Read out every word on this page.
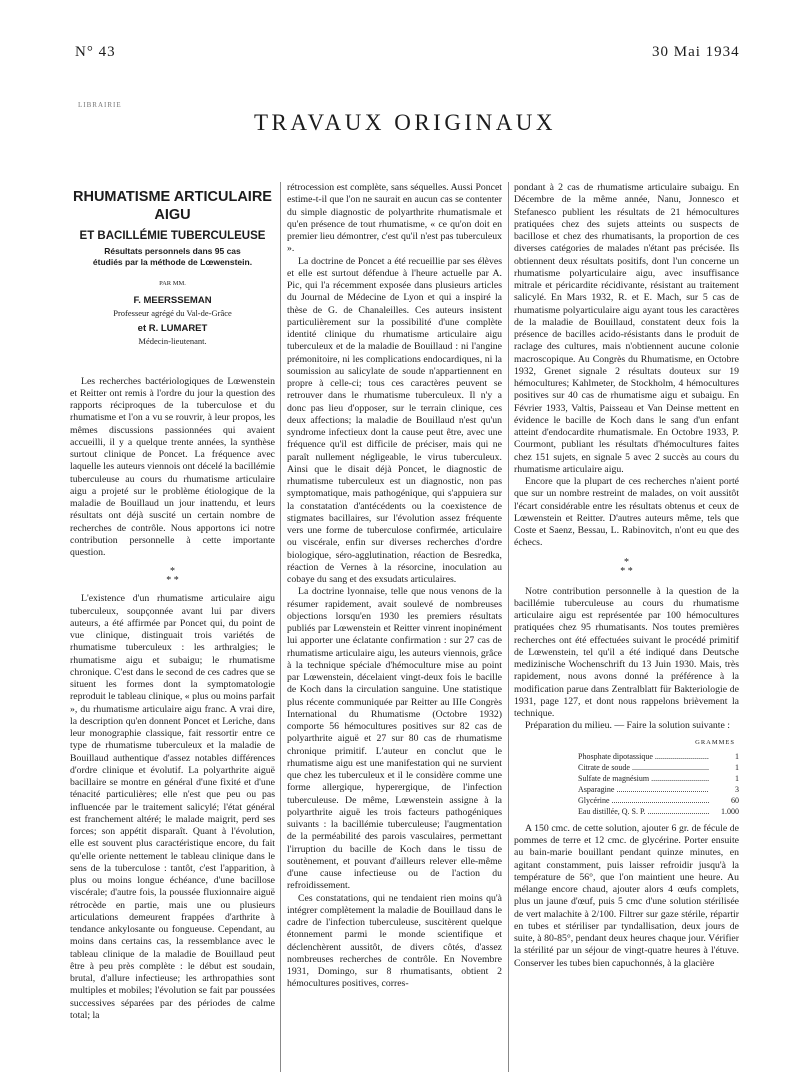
N° 43	30 Mai 1934
LIBRAIRIE
TRAVAUX ORIGINAUX
RHUMATISME ARTICULAIRE
AIGU
ET BACILLÉMIE TUBERCULEUSE
Résultats personnels dans 95 cas
étudiés par la méthode de Lœwenstein.
PAR MM.
F. MEERSSEMAN
Professeur agrégé du Val-de-Grâce
et R. LUMARET
Médecin-lieutenant.

Les recherches bactériologiques de Lœwenstein et Reitter ont remis à l'ordre du jour la question des rapports réciproques de la tuberculose et du rhumatisme et l'on a vu se rouvrir, à leur propos, les mêmes discussions passionnées qui avaient accueilli, il y a quelque trente années, la synthèse surtout clinique de Poncet. La fréquence avec laquelle les auteurs viennois ont décelé la bacillémie tuberculeuse au cours du rhumatisme articulaire aigu a projeté sur le problème étiologique de la maladie de Bouillaud un jour inattendu, et leurs résultats ont déjà suscité un certain nombre de recherches de contrôle. Nous apportons ici notre contribution personnelle à cette importante question.

*
* *

L'existence d'un rhumatisme articulaire aigu tuberculeux, soupçonnée avant lui par divers auteurs, a été affirmée par Poncet qui, du point de vue clinique, distinguait trois variétés de rhumatisme tuberculeux : les arthralgies; le rhumatisme aigu et subaigu; le rhumatisme chronique. C'est dans le second de ces cadres que se situent les formes dont la symptomatologie reproduit le tableau clinique, « plus ou moins parfait », du rhumatisme articulaire aigu franc. A vrai dire, la description qu'en donnent Poncet et Leriche, dans leur monographie classique, fait ressortir entre ce type de rhumatisme tuberculeux et la maladie de Bouillaud authentique d'assez notables différences d'ordre clinique et évolutif. La polyarthrite aiguë bacillaire se montre en général d'une fixité et d'une ténacité particulières; elle n'est que peu ou pas influencée par le traitement salicylé; l'état général est franchement altéré; le malade maigrit, perd ses forces; son appétit disparaît. Quant à l'évolution, elle est souvent plus caractéristique encore, du fait qu'elle oriente nettement le tableau clinique dans le sens de la tuberculose : tantôt, c'est l'apparition, à plus ou moins longue échéance, d'une bacillose viscérale; d'autre fois, la poussée fluxionnaire aiguë rétrocède en partie, mais une ou plusieurs articulations demeurent frappées d'arthrite à tendance ankylosante ou fongueuse. Cependant, au moins dans certains cas, la ressemblance avec le tableau clinique de la maladie de Bouillaud peut être à peu près complète : le début est soudain, brutal, d'allure infectieuse; les arthropathies sont multiples et mobiles; l'évolution se fait par poussées successives séparées par des périodes de calme total; la

rétrocession est complète, sans séquelles. Aussi Poncet estime-t-il que l'on ne saurait en aucun cas se contenter du simple diagnostic de polyarthrite rhumatismale et qu'en présence de tout rhumatisme, « ce qu'on doit en premier lieu démontrer, c'est qu'il n'est pas tuberculeux ».

La doctrine de Poncet a été recueillie par ses élèves et elle est surtout défendue à l'heure actuelle par A. Pic, qui l'a récemment exposée dans plusieurs articles du Journal de Médecine de Lyon et qui a inspiré la thèse de G. de Chanaleilles. Ces auteurs insistent particulièrement sur la possibilité d'une complète identité clinique du rhumatisme articulaire aigu tuberculeux et de la maladie de Bouillaud : ni l'angine prémonitoire, ni les complications endocardiques, ni la soumission au salicylate de soude n'appartiennent en propre à celle-ci; tous ces caractères peuvent se retrouver dans le rhumatisme tuberculeux. Il n'y a donc pas lieu d'opposer, sur le terrain clinique, ces deux affections; la maladie de Bouillaud n'est qu'un syndrome infectieux dont la cause peut être, avec une fréquence qu'il est difficile de préciser, mais qui ne paraît nullement négligeable, le virus tuberculeux. Ainsi que le disait déjà Poncet, le diagnostic de rhumatisme tuberculeux est un diagnostic, non pas symptomatique, mais pathogénique, qui s'appuiera sur la constatation d'antécédents ou la coexistence de stigmates bacillaires, sur l'évolution assez fréquente vers une forme de tuberculose confirmée, articulaire ou viscérale, enfin sur diverses recherches d'ordre biologique, séro-agglutination, réaction de Besredka, réaction de Vernes à la résorcine, inoculation au cobaye du sang et des exsudats articulaires.

La doctrine lyonnaise, telle que nous venons de la résumer rapidement, avait soulevé de nombreuses objections lorsqu'en 1930 les premiers résultats publiés par Lœwenstein et Reitter vinrent inopinément lui apporter une éclatante confirmation : sur 27 cas de rhumatisme articulaire aigu, les auteurs viennois, grâce à la technique spéciale d'hémoculture mise au point par Lœwenstein, décelaient vingt-deux fois le bacille de Koch dans la circulation sanguine. Une statistique plus récente communiquée par Reitter au IIIe Congrès International du Rhumatisme (Octobre 1932) comporte 56 hémocultures positives sur 82 cas de polyarthrite aiguë et 27 sur 80 cas de rhumatisme chronique primitif. L'auteur en conclut que le rhumatisme aigu est une manifestation qui ne survient que chez les tuberculeux et il le considère comme une forme allergique, hyperergique, de l'infection tuberculeuse. De même, Lœwenstein assigne à la polyarthrite aiguë les trois facteurs pathogéniques suivants : la bacillémie tuberculeuse; l'augmentation de la perméabilité des parois vasculaires, permettant l'irruption du bacille de Koch dans le tissu de soutènement, et pouvant d'ailleurs relever elle-même d'une cause infectieuse ou de l'action du refroidissement.

Ces constatations, qui ne tendaient rien moins qu'à intégrer complètement la maladie de Bouillaud dans le cadre de l'infection tuberculeuse, suscitèrent quelque étonnement parmi le monde scientifique et déclenchèrent aussitôt, de divers côtés, d'assez nombreuses recherches de contrôle. En Novembre 1931, Domingo, sur 8 rhumatisants, obtient 2 hémocultures positives, corres-

pondant à 2 cas de rhumatisme articulaire subaigu. En Décembre de la même année, Nanu, Jonnesco et Stefanesco publient les résultats de 21 hémocultures pratiquées chez des sujets atteints ou suspects de bacillose et chez des rhumatisants, la proportion de ces diverses catégories de malades n'étant pas précisée. Ils obtiennent deux résultats positifs, dont l'un concerne un rhumatisme polyarticulaire aigu, avec insuffisance mitrale et péricardite récidivante, résistant au traitement salicylé. En Mars 1932, R. et E. Mach, sur 5 cas de rhumatisme polyarticulaire aigu ayant tous les caractères de la maladie de Bouillaud, constatent deux fois la présence de bacilles acido-résistants dans le produit de raclage des cultures, mais n'obtiennent aucune colonie macroscopique. Au Congrès du Rhumatisme, en Octobre 1932, Grenet signale 2 résultats douteux sur 19 hémocultures; Kahlmeter, de Stockholm, 4 hémocultures positives sur 40 cas de rhumatisme aigu et subaigu. En Février 1933, Valtis, Paisseau et Van Deinse mettent en évidence le bacille de Koch dans le sang d'un enfant atteint d'endocardite rhumatismale. En Octobre 1933, P. Courmont, publiant les résultats d'hémocultures faites chez 151 sujets, en signale 5 avec 2 succès au cours du rhumatisme articulaire aigu.

Encore que la plupart de ces recherches n'aient porté que sur un nombre restreint de malades, on voit aussitôt l'écart considérable entre les résultats obtenus et ceux de Lœwenstein et Reitter. D'autres auteurs même, tels que Coste et Saenz, Bessau, L. Rabinovitch, n'ont eu que des échecs.

*
* *

Notre contribution personnelle à la question de la bacillémie tuberculeuse au cours du rhumatisme articulaire aigu est représentée par 100 hémocultures pratiquées chez 95 rhumatisants. Nos toutes premières recherches ont été effectuées suivant le procédé primitif de Lœwenstein, tel qu'il a été indiqué dans Deutsche medizinische Wochenschrift du 13 Juin 1930. Mais, très rapidement, nous avons donné la préférence à la modification parue dans Zentralblatt für Bakteriologie de 1931, page 127, et dont nous rappelons brièvement la technique.

Préparation du milieu. — Faire la solution suivante :

GRAMMES
Phosphate dipotassique .....	1
Citrate de soude .....	1
Sulfate de magnésium .....	1
Asparagine .....	3
Glycérine .....	60
Eau distillée, Q. S. P. .....	1.000

A 150 cmc. de cette solution, ajouter 6 gr. de fécule de pommes de terre et 12 cmc. de glycérine. Porter ensuite au bain-marie bouillant pendant quinze minutes, en agitant constamment, puis laisser refroidir jusqu'à la température de 56°, que l'on maintient une heure. Au mélange encore chaud, ajouter alors 4 œufs complets, plus un jaune d'œuf, puis 5 cmc d'une solution stérilisée de vert malachite à 2/100. Filtrer sur gaze stérile, répartir en tubes et stériliser par tyndallisation, deux jours de suite, à 80-85°, pendant deux heures chaque jour. Vérifier la stérilité par un séjour de vingt-quatre heures à l'étuve. Conserver les tubes bien capuchonnés, à la glacière
